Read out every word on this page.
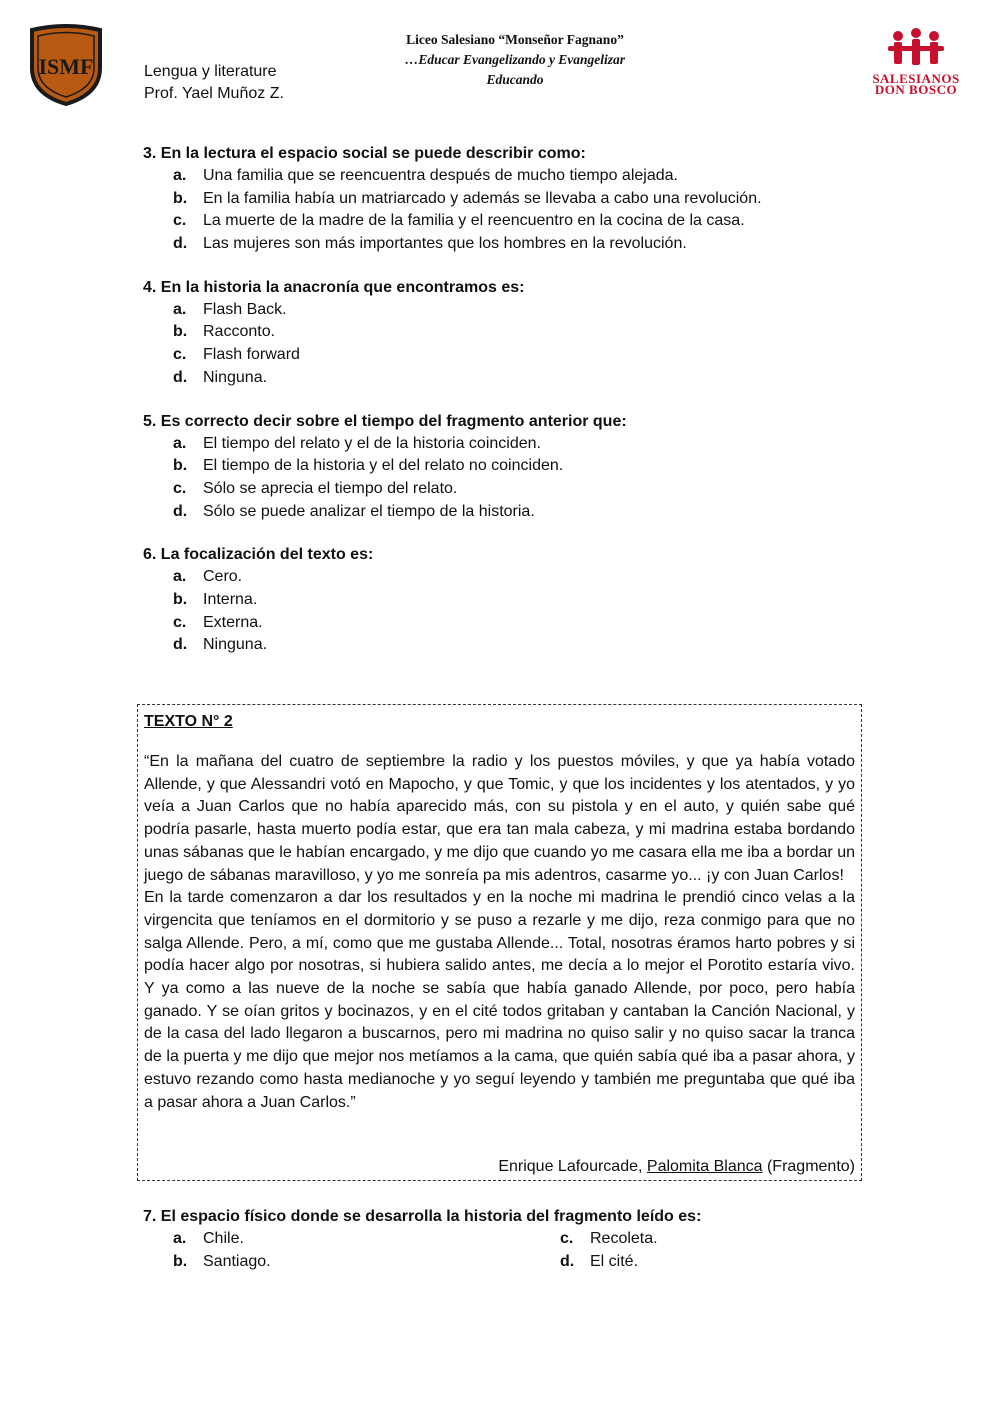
ISMF	Lengua y literature
Prof. Yael Muñoz Z.
Liceo Salesiano “Monseñor Fagnano”
…Educar Evangelizando y Evangelizar
Educando	SALESIANOS
DON BOSCO
3. En la lectura el espacio social se puede describir como:
a. Una familia que se reencuentra después de mucho tiempo alejada.
b. En la familia había un matriarcado y además se llevaba a cabo una revolución.
c. La muerte de la madre de la familia y el reencuentro en la cocina de la casa.
d. Las mujeres son más importantes que los hombres en la revolución.
4. En la historia la anacronía que encontramos es:
a. Flash Back.
b. Racconto.
c. Flash forward
d. Ninguna.
5. Es correcto decir sobre el tiempo del fragmento anterior que:
a. El tiempo del relato y el de la historia coinciden.
b. El tiempo de la historia y el del relato no coinciden.
c. Sólo se aprecia el tiempo del relato.
d. Sólo se puede analizar el tiempo de la historia.
6. La focalización del texto es:
a. Cero.
b. Interna.
c. Externa.
d. Ninguna.
TEXTO N° 2

“En la mañana del cuatro de septiembre la radio y los puestos móviles, y que ya había votado Allende, y que Alessandri votó en Mapocho, y que Tomic, y que los incidentes y los atentados, y yo veía a Juan Carlos que no había aparecido más, con su pistola y en el auto, y quién sabe qué podría pasarle, hasta muerto podía estar, que era tan mala cabeza, y mi madrina estaba bordando unas sábanas que le habían encargado, y me dijo que cuando yo me casara ella me iba a bordar un juego de sábanas maravilloso, y yo me sonreía pa mis adentros, casarme yo... ¡y con Juan Carlos!

En la tarde comenzaron a dar los resultados y en la noche mi madrina le prendió cinco velas a la virgencita que teníamos en el dormitorio y se puso a rezarle y me dijo, reza conmigo para que no salga Allende. Pero, a mí, como que me gustaba Allende... Total, nosotras éramos harto pobres y si podía hacer algo por nosotras, si hubiera salido antes, me decía a lo mejor el Porotito estaría vivo. Y ya como a las nueve de la noche se sabía que había ganado Allende, por poco, pero había ganado. Y se oían gritos y bocinazos, y en el cité todos gritaban y cantaban la Canción Nacional, y de la casa del lado llegaron a buscarnos, pero mi madrina no quiso salir y no quiso sacar la tranca de la puerta y me dijo que mejor nos metíamos a la cama, que quién sabía qué iba a pasar ahora, y estuvo rezando como hasta medianoche y yo seguí leyendo y también me preguntaba que qué iba a pasar ahora a Juan Carlos.”

Enrique Lafourcade, Palomita Blanca (Fragmento)
7. El espacio físico donde se desarrolla la historia del fragmento leído es:
a. Chile.
b. Santiago.
c. Recoleta.
d. El cité.
